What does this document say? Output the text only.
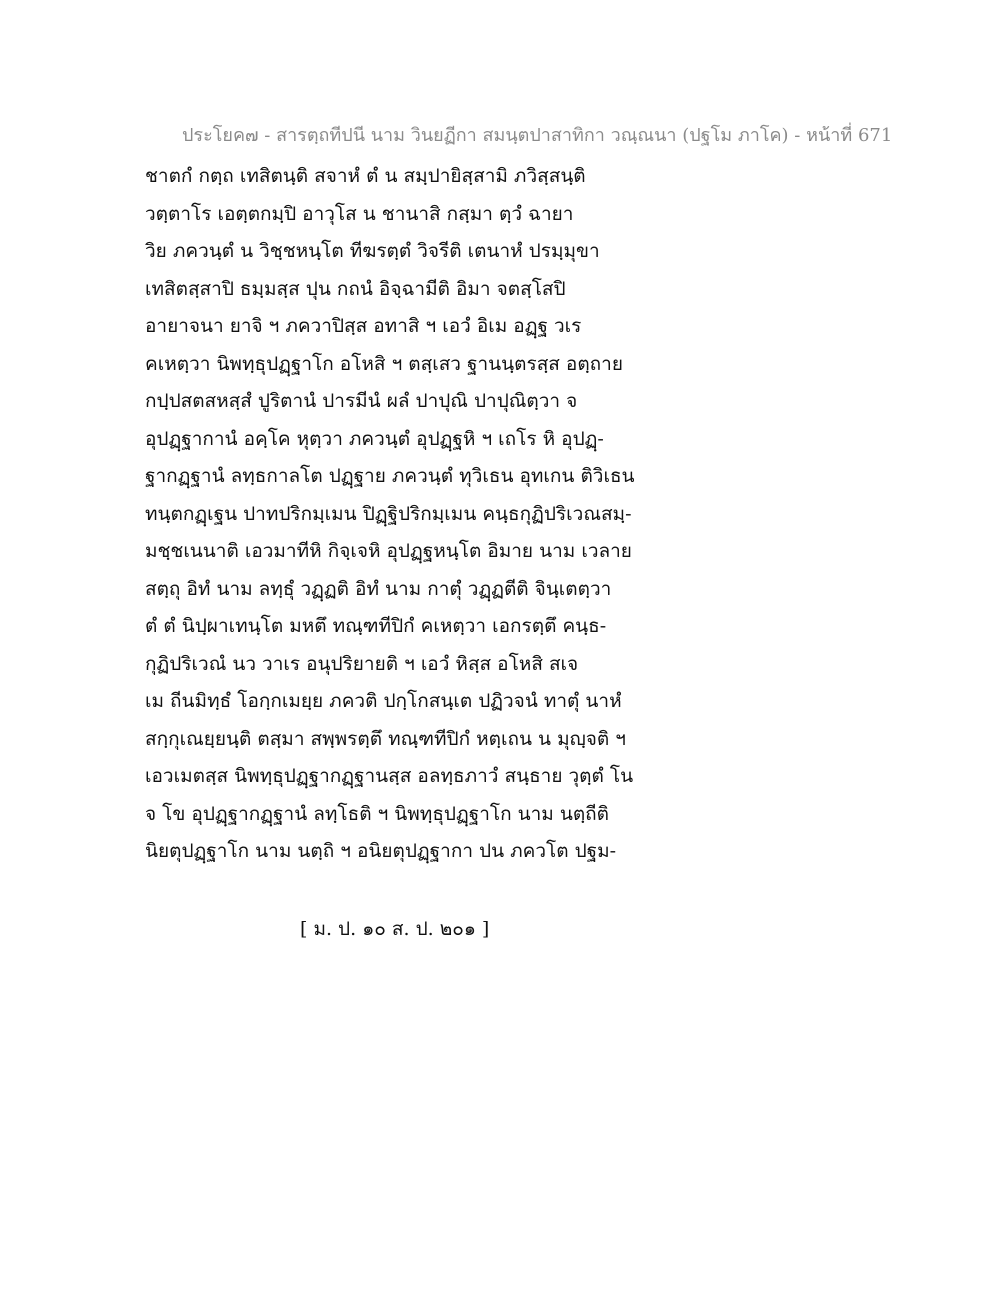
ประโยค๗ - สารตฺถทีปนี นาม วินยฏีกา สมนฺตปาสาทิกา วณฺณนา (ปฐโม ภาโค) - หน้าที่ 671
ชาตกํ กตฺถ เทสิตนฺติ สจาหํ ตํ น สมฺปายิสฺสามิ ภวิสฺสนฺติ
วตฺตาโร เอตฺตกมฺปิ อาวุโส น ชานาสิ กสฺมา ตฺวํ ฉายา
วิย ภควนฺตํ น วิชฺชหนฺโต ทีฆรตฺตํ วิจรีติ เตนาหํ ปรมฺมุขา
เทสิตสฺสาปิ ธมฺมสฺส ปุน กถนํ อิจฺฉามีติ อิมา จตสฺโสปิ
อายาจนา ยาจิ ฯ ภควาปิสฺส อทาสิ ฯ เอวํ อิเม อฏฺฐ วเร
คเหตฺวา นิพทฺธุปฏฺฐาโก อโหสิ ฯ ตสฺเสว ฐานนฺตรสฺส อตฺถาย
กปฺปสตสหสฺสํ ปูริตานํ ปารมีนํ ผลํ ปาปุณิ ปาปุณิตฺวา จ
อุปฏฺฐากานํ อคฺโค หุตฺวา ภควนฺตํ อุปฏฺฐหิ ฯ เถโร หิ อุปฏฺ-
ฐากฏฺฐานํ ลทฺธกาลโต ปฏฺฐาย ภควนฺตํ ทุวิเธน อุทเกน ติวิเธน
ทนฺตกฏฺเฐน ปาทปริกมฺเมน ปิฏฺฐิปริกมฺเมน คนฺธกุฏิปริเวณสมฺ-
มชฺชเนนาติ เอวมาทีหิ กิจฺเจหิ อุปฏฺฐหนฺโต อิมาย นาม เวลาย
สตฺถุ อิทํ นาม ลทฺธุํ วฏฺฏติ อิทํ นาม กาตุํ วฏฺฏตีติ จินฺเตตฺวา
ตํ ตํ นิปฺผาเทนฺโต มหตึ ทณฺฑทีปิกํ คเหตฺวา เอกรตฺตึ คนฺธ-
กุฏิปริเวณํ นว วาเร อนุปริยายติ ฯ เอวํ หิสฺส อโหสิ สเจ
เม ถีนมิทฺธํ โอกฺกเมยฺย ภควติ ปกฺโกสนฺเต ปฏิวจนํ ทาตุํ นาหํ
สกฺกุเณยฺยนฺติ ตสฺมา สพฺพรตฺตึ ทณฺฑทีปิกํ หตฺเถน น มุญฺจติ ฯ
เอวเมตสฺส นิพทฺธุปฏฺฐากฏฺฐานสฺส อลทฺธภาวํ สนฺธาย วุตฺตํ โน
จ โข อุปฏฺฐากฏฺฐานํ ลทฺโธติ ฯ นิพทฺธุปฏฺฐาโก นาม นตฺถีติ
นิยตุปฏฺฐาโก นาม นตฺถิ ฯ อนิยตุปฏฺฐากา ปน ภควโต ปฐม-
[ ม. ป. ๑๐ ส. ป. ๒๐๑ ]
